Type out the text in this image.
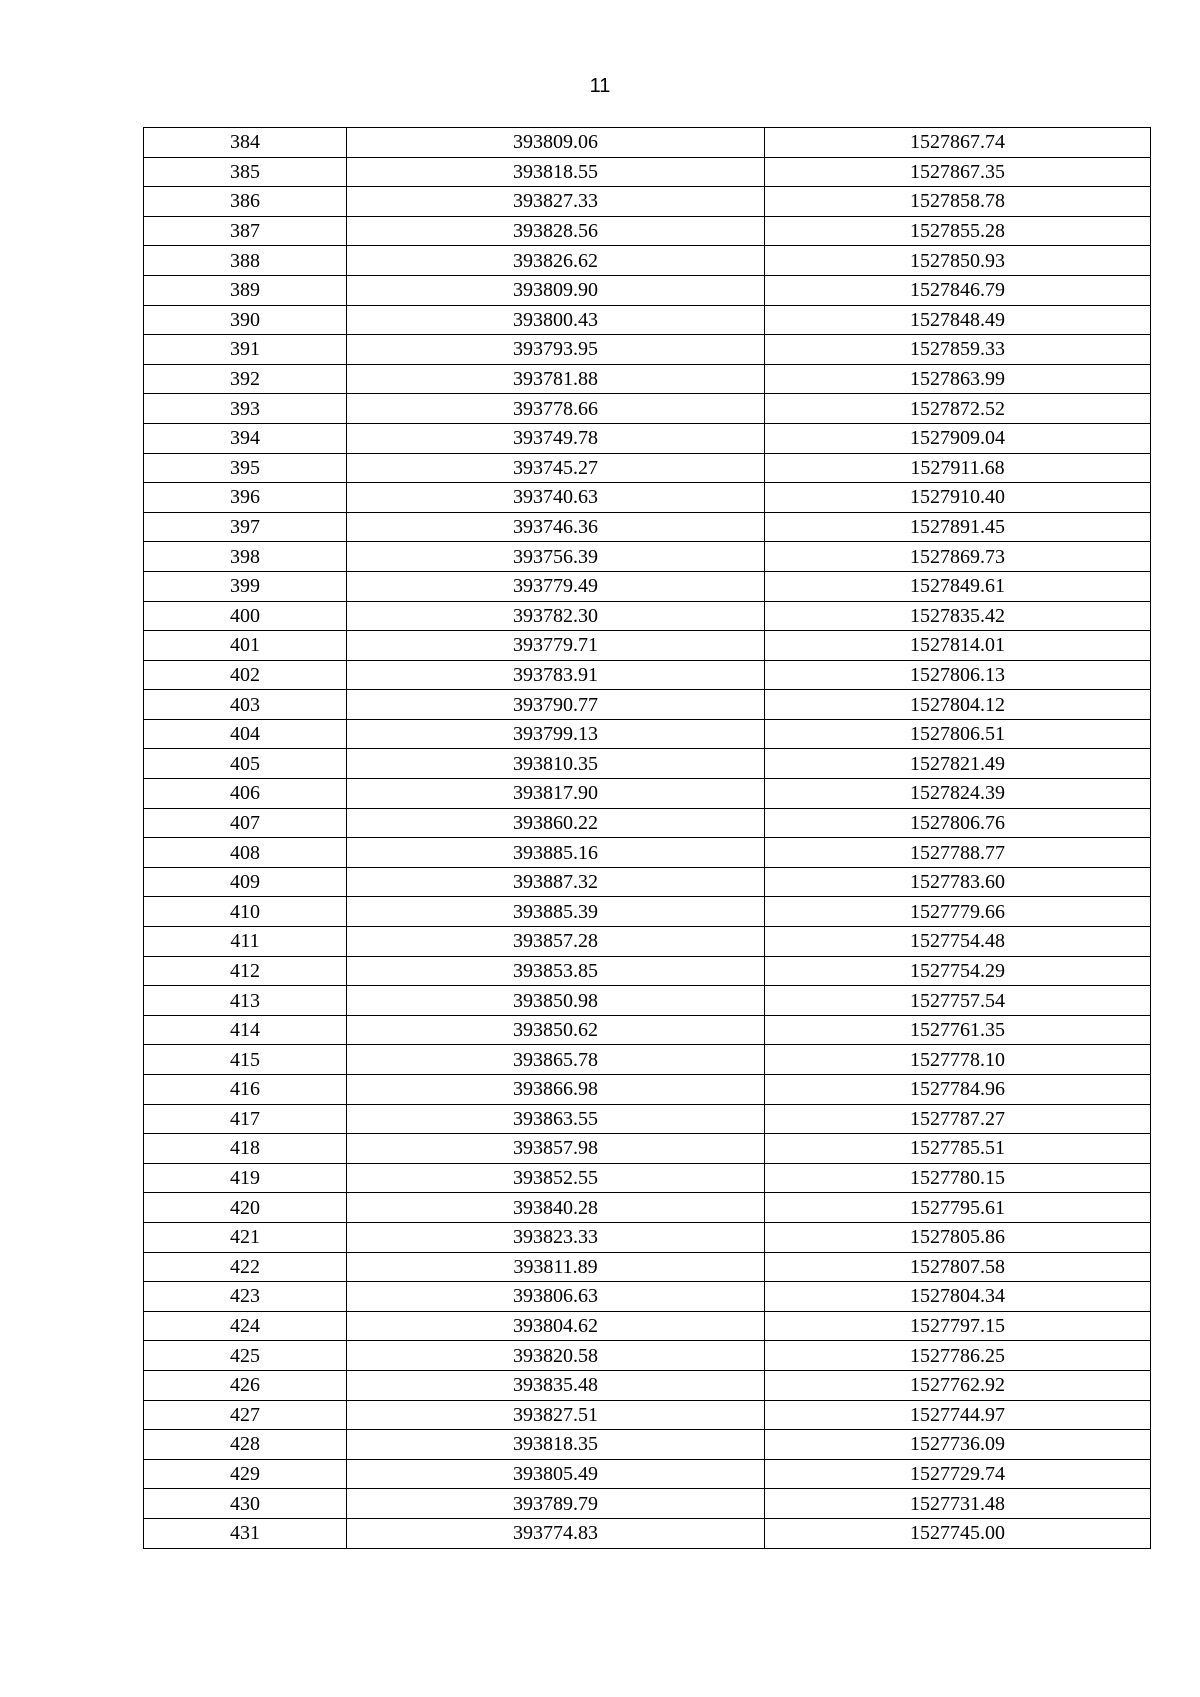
11
384	393809.06	1527867.74
385	393818.55	1527867.35
386	393827.33	1527858.78
387	393828.56	1527855.28
388	393826.62	1527850.93
389	393809.90	1527846.79
390	393800.43	1527848.49
391	393793.95	1527859.33
392	393781.88	1527863.99
393	393778.66	1527872.52
394	393749.78	1527909.04
395	393745.27	1527911.68
396	393740.63	1527910.40
397	393746.36	1527891.45
398	393756.39	1527869.73
399	393779.49	1527849.61
400	393782.30	1527835.42
401	393779.71	1527814.01
402	393783.91	1527806.13
403	393790.77	1527804.12
404	393799.13	1527806.51
405	393810.35	1527821.49
406	393817.90	1527824.39
407	393860.22	1527806.76
408	393885.16	1527788.77
409	393887.32	1527783.60
410	393885.39	1527779.66
411	393857.28	1527754.48
412	393853.85	1527754.29
413	393850.98	1527757.54
414	393850.62	1527761.35
415	393865.78	1527778.10
416	393866.98	1527784.96
417	393863.55	1527787.27
418	393857.98	1527785.51
419	393852.55	1527780.15
420	393840.28	1527795.61
421	393823.33	1527805.86
422	393811.89	1527807.58
423	393806.63	1527804.34
424	393804.62	1527797.15
425	393820.58	1527786.25
426	393835.48	1527762.92
427	393827.51	1527744.97
428	393818.35	1527736.09
429	393805.49	1527729.74
430	393789.79	1527731.48
431	393774.83	1527745.00
